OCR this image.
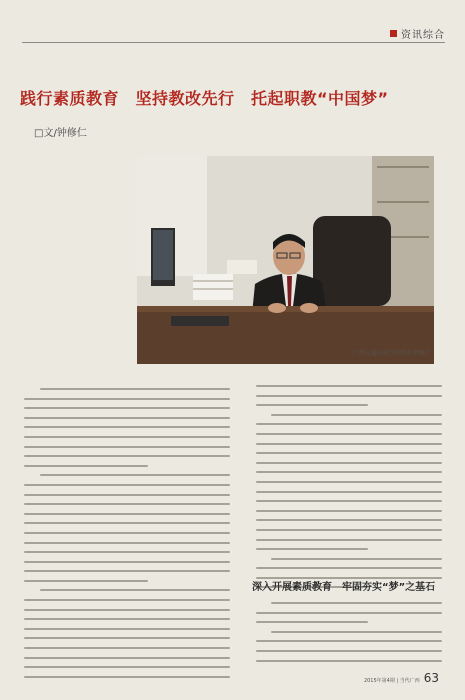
资讯综合
践行素质教育　坚持教改先行　托起职教“中国梦”
□文/钟修仁
广西交通技师学院院长钟修仁
深入开展素质教育　牢固夯实“梦”之基石
2015年第4期 | 当代广西 63
